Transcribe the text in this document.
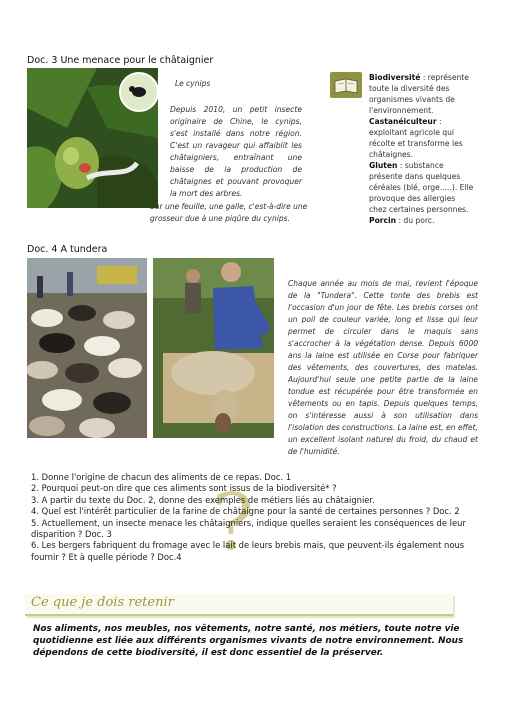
Doc. 3 Une menace pour le châtaignier
Le cynips
Depuis 2010, un petit insecte originaire de Chine, le cynips, s'est installé dans notre région. C'est un ravageur qui affaiblit les châtaigniers, entraînant une baisse de la production de châtaignes et pouvant provoquer la mort des arbres.
Sur une feuille, une galle, c'est-à-dire une
grosseur due à une piqûre du cynips.

Biodiversité : représente toute la diversité des organismes vivants de l'environnement.

Castanéiculteur : exploitant agricole qui récolte et transforme les châtaignes.

Gluten : substance présente dans quelques céréales (blé, orge.....). Elle provoque des allergies chez certaines personnes.

Porcin : du porc.

Doc. 4 A tundera
Chaque année au mois de mai, revient l'époque de la "Tundera". Cette tonte des brebis est l'occasion d'un jour de fête. Les brebis corses ont un poil de couleur variée, long et lisse qui leur permet de circuler dans le maquis sans s'accrocher à la végétation dense. Depuis 6000 ans la laine est utilisée en Corse pour fabriquer des vêtements, des couvertures, des matelas. Aujourd'hui seule une petite partie de la laine tondue est récupérée pour être transformée en vêtements ou en tapis. Depuis quelques temps, on s'intéresse aussi à son utilisation dans l'isolation des constructions. La laine est, en effet, un excellent isolant naturel du froid, du chaud et de l'humidité.
?

1. Donne l'origine de chacun des aliments de ce repas. Doc. 1

2. Pourquoi peut-on dire que ces aliments sont issus de la biodiversité* ?

3. A partir du texte du Doc. 2, donne des exemples de métiers liés au châtaignier.

4. Quel est l'intérêt particulier de la farine de châtaigne pour la santé de certaines personnes ? Doc. 2

5. Actuellement, un insecte menace les châtaigniers, indique quelles seraient les conséquences de leur disparition ? Doc. 3

6. Les bergers fabriquent du fromage avec le lait de leurs brebis mais, que peuvent-ils également nous fournir ? Et à quelle période ? Doc.4

Ce que je dois retenir
Nos aliments, nos meubles, nos vêtements, notre santé, nos métiers, toute notre vie quotidienne est liée aux différents organismes vivants de notre environnement. Nous dépendons de cette biodiversité, il est donc essentiel de la préserver.
